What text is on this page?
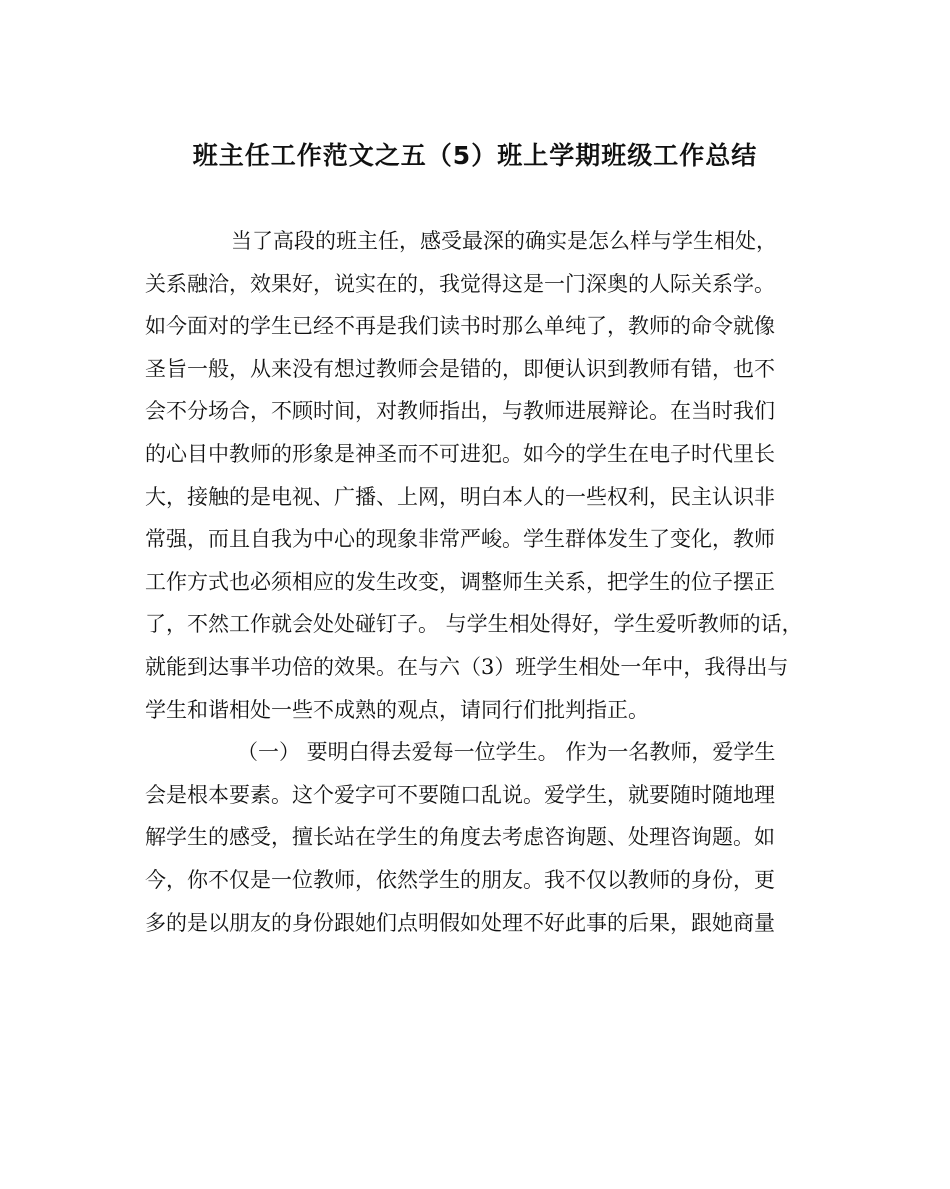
班主任工作范文之五（5）班上学期班级工作总结
当了高段的班主任，感受最深的确实是怎么样与学生相处，
关系融洽，效果好，说实在的，我觉得这是一门深奥的人际关系学。
如今面对的学生已经不再是我们读书时那么单纯了，教师的命令就像
圣旨一般，从来没有想过教师会是错的，即便认识到教师有错，也不
会不分场合，不顾时间，对教师指出，与教师进展辩论。在当时我们
的心目中教师的形象是神圣而不可进犯。如今的学生在电子时代里长
大，接触的是电视、广播、上网，明白本人的一些权利，民主认识非
常强，而且自我为中心的现象非常严峻。学生群体发生了变化，教师
工作方式也必须相应的发生改变，调整师生关系，把学生的位子摆正
了，不然工作就会处处碰钉子。 与学生相处得好，学生爱听教师的话，
就能到达事半功倍的效果。在与六（3）班学生相处一年中，我得出与
学生和谐相处一些不成熟的观点，请同行们批判指正。
（一） 要明白得去爱每一位学生。 作为一名教师，爱学生
会是根本要素。这个爱字可不要随口乱说。爱学生，就要随时随地理
解学生的感受，擅长站在学生的角度去考虑咨询题、处理咨询题。如
今，你不仅是一位教师，依然学生的朋友。我不仅以教师的身份，更
多的是以朋友的身份跟她们点明假如处理不好此事的后果，跟她商量
